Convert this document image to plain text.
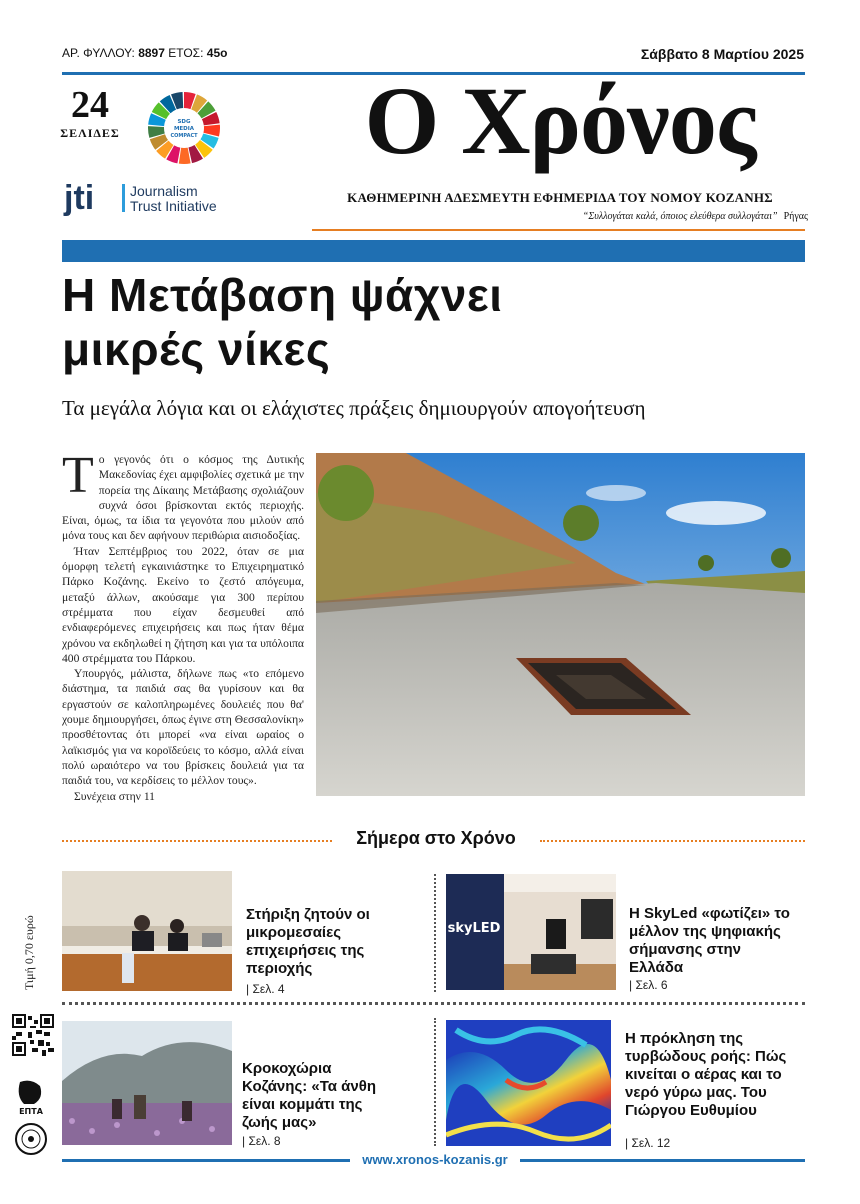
ΑΡ. ΦΥΛΛΟΥ: 8897 ΕΤΟΣ: 45ο	Σάββατο 8 Μαρτίου 2025
24
ΣΕΛΙΔΕΣ
SDG
MEDIA
COMPACT
jti	Journalism
Trust Initiative
Ο Χρόνος
ΚΑΘΗΜΕΡΙΝΗ ΑΔΕΣΜΕΥΤΗ ΕΦΗΜΕΡΙΔΑ ΤΟΥ ΝΟΜΟΥ ΚΟΖΑΝΗΣ
“Συλλογάται καλά, όποιος ελεύθερα συλλογάται” Ρήγας
Η Μετάβαση ψάχνει
μικρές νίκες
Τα μεγάλα λόγια και οι ελάχιστες πράξεις δημιουργούν απογοήτευση

Το γεγονός ότι ο κόσμος της Δυτικής Μακεδονίας έχει αμφιβολίες σχετικά με την πορεία της Δίκαιης Μετάβασης σχολιάζουν συχνά όσοι βρίσκονται εκτός περιοχής. Είναι, όμως, τα ίδια τα γεγονότα που μιλούν από μόνα τους και δεν αφήνουν περιθώρια αισιοδοξίας.

Ήταν Σεπτέμβριος του 2022, όταν σε μια όμορφη τελετή εγκαινιάστηκε το Επιχειρηματικό Πάρκο Κοζάνης. Εκείνο το ζεστό απόγευμα, μεταξύ άλλων, ακούσαμε για 300 περίπου στρέμματα που είχαν δεσμευθεί από ενδιαφερόμενες επιχειρήσεις και πως ήταν θέμα χρόνου να εκδηλωθεί η ζήτηση και για τα υπόλοιπα 400 στρέμματα του Πάρκου.

Υπουργός, μάλιστα, δήλωνε πως «το επόμενο διάστημα, τα παιδιά σας θα γυρίσουν και θα εργαστούν σε καλοπληρωμένες δουλειές που θα' χουμε δημιουργήσει, όπως έγινε στη Θεσσαλονίκη» προσθέτοντας ότι μπορεί «να είναι ωραίος ο λαϊκισμός για να κοροϊδεύεις το κόσμο, αλλά είναι πολύ ωραιότερο να του βρίσκεις δουλειά για τα παιδιά του, να κερδίσεις το μέλλον τους».

Συνέχεια στην 11
Σήμερα στο Χρόνο
Τιμή 0,70 ευρώ
Στήριξη ζητούν οι μικρομεσαίες επιχειρήσεις της περιοχής
| Σελ. 4
skyLED
Η SkyLed «φωτίζει» το μέλλον της ψηφιακής σήμανσης στην Ελλάδα
| Σελ. 6
ΕΠΤΑ
Κροκοχώρια Κοζάνης: «Τα άνθη είναι κομμάτι της ζωής μας»
| Σελ. 8
Η πρόκληση της τυρβώδους ροής: Πώς κινείται ο αέρας και το νερό γύρω μας. Του Γιώργου Ευθυμίου
| Σελ. 12
www.xronos-kozanis.gr
